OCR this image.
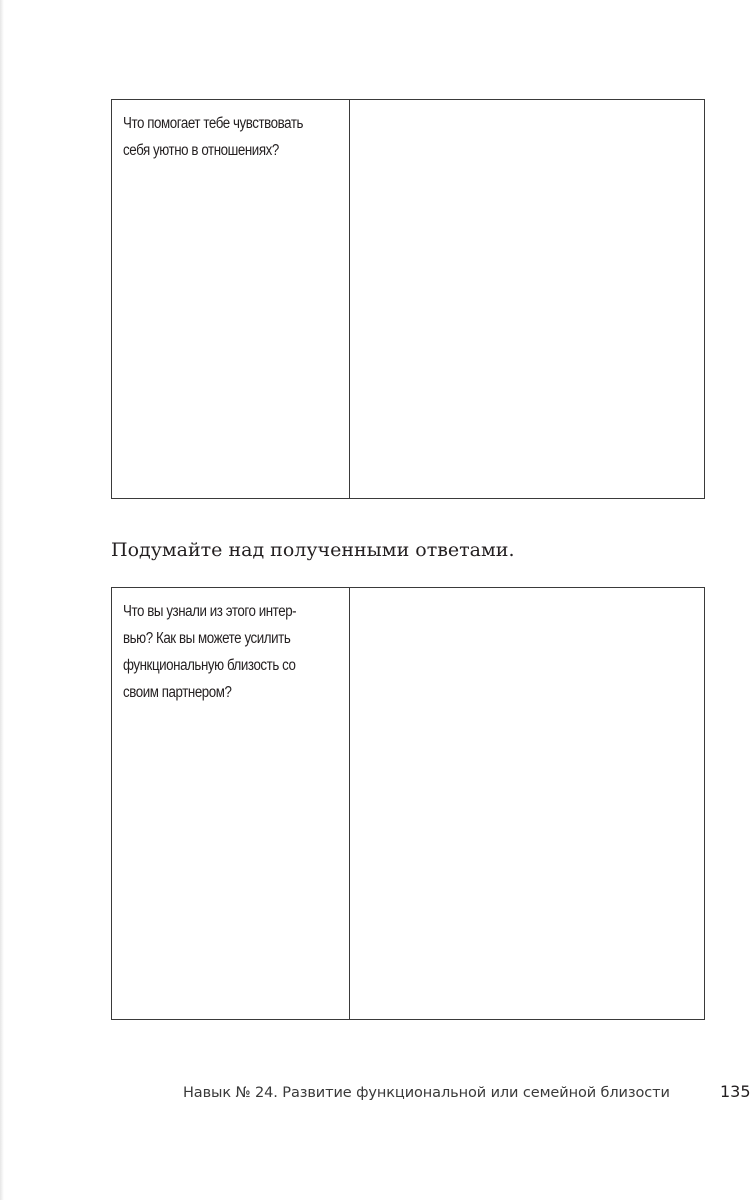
Что помогает тебе чувствовать
себя уютно в отношениях?
Подумайте над полученными ответами.
Что вы узнали из этого интер-
вью? Как вы можете усилить
функциональную близость со
своим партнером?
Навык № 24. Развитие функциональной или семейной близости	135
